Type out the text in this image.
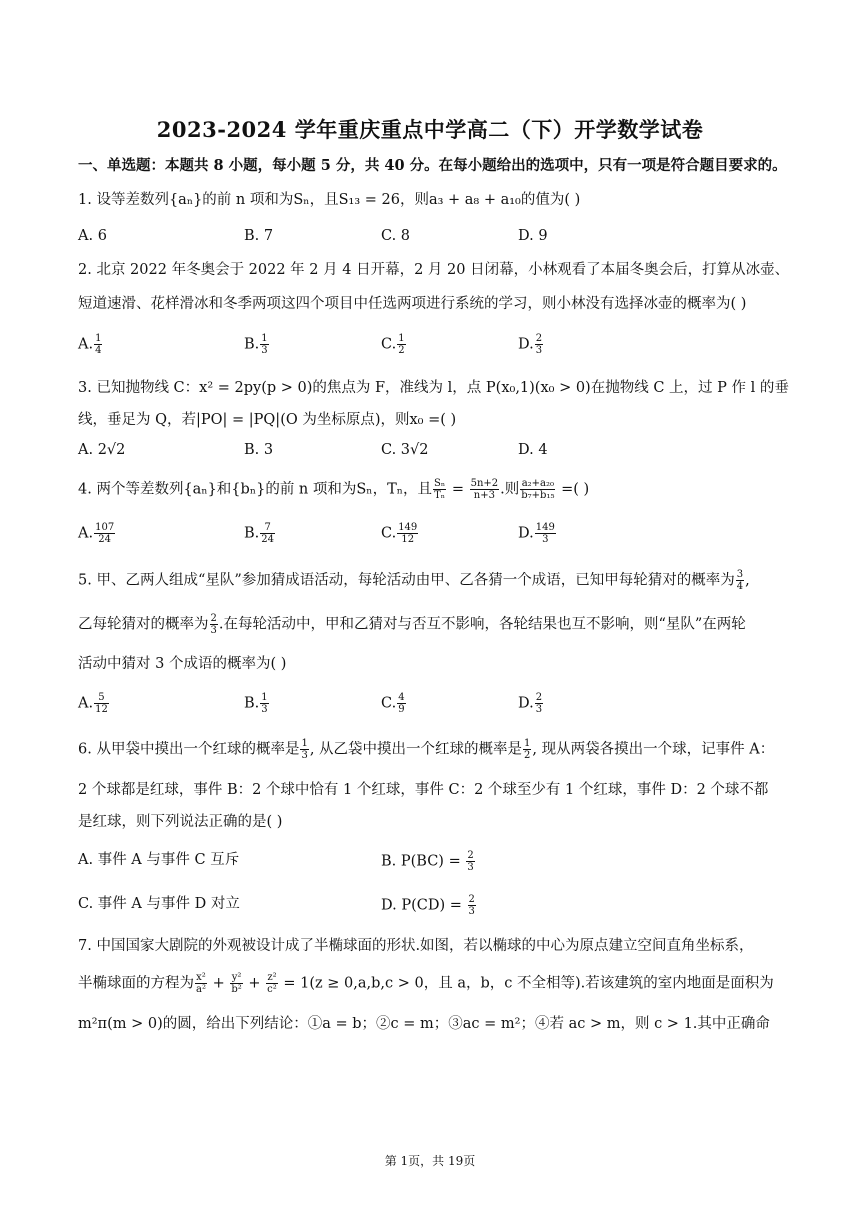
2023-2024 学年重庆重点中学高二（下）开学数学试卷
一、单选题：本题共 8 小题，每小题 5 分，共 40 分。在每小题给出的选项中，只有一项是符合题目要求的。
1. 设等差数列{aₙ}的前 n 项和为Sₙ，且S₁₃ = 26，则a₃ + a₈ + a₁₀的值为( )
A. 6	B. 7	C. 8	D. 9
2. 北京 2022 年冬奥会于 2022 年 2 月 4 日开幕，2 月 20 日闭幕，小林观看了本届冬奥会后，打算从冰壶、
短道速滑、花样滑冰和冬季两项这四个项目中任选两项进行系统的学习，则小林没有选择冰壶的概率为( )
A. $\frac{1}{4}$	B. $\frac{1}{3}$	C. $\frac{1}{2}$	D. $\frac{2}{3}$
3. 已知抛物线 C：x² = 2py(p > 0)的焦点为 F，准线为 l，点 P(x₀,1)(x₀ > 0)在抛物线 C 上，过 P 作 l 的垂
线，垂足为 Q，若|PO| = |PQ|(O 为坐标原点)，则x₀ =( )
A. 2√2	B. 3	C. 3√2	D. 4
4. 两个等差数列{aₙ}和{bₙ}的前 n 项和为Sₙ，Tₙ，且 $\frac{\text{Sₙ}}{\text{Tₙ}} = \frac{5n+2}{n+3}$ .则 $\frac{\text{a₂+a₂₀}}{\text{b₇+b₁₅}}$ =( )
A. $\frac{107}{24}$	B. $\frac{7}{24}$	C. $\frac{149}{12}$	D. $\frac{149}{3}$
5. 甲、乙两人组成“星队”参加猜成语活动，每轮活动由甲、乙各猜一个成语，已知甲每轮猜对的概率为 $\frac{3}{4}$ ,
乙每轮猜对的概率为 $\frac{2}{3}$ .在每轮活动中，甲和乙猜对与否互不影响，各轮结果也互不影响，则“星队”在两轮
活动中猜对 3 个成语的概率为( )
A. $\frac{5}{12}$	B. $\frac{1}{3}$	C. $\frac{4}{9}$	D. $\frac{2}{3}$
6. 从甲袋中摸出一个红球的概率是 $\frac{1}{3}$ , 从乙袋中摸出一个红球的概率是 $\frac{1}{2}$ , 现从两袋各摸出一个球，记事件 A：
2 个球都是红球，事件 B：2 个球中恰有 1 个红球，事件 C：2 个球至少有 1 个红球，事件 D：2 个球不都
是红球，则下列说法正确的是( )
A. 事件 A 与事件 C 互斥	B. $P(BC) = \frac{2}{3}$
C. 事件 A 与事件 D 对立	D. $P(CD) = \frac{2}{3}$
7. 中国国家大剧院的外观被设计成了半椭球面的形状.如图，若以椭球的中心为原点建立空间直角坐标系，
半椭球面的方程为 $\frac{\text{x²}}{\text{a²}} + \frac{\text{y²}}{\text{b²}} + \frac{\text{z²}}{\text{c²}} = 1(z \ge 0,a,b,c > 0$，且 a，b，c 不全相等).若该建筑的室内地面是面积为
m²π(m > 0)的圆，给出下列结论：①a = b；②c = m；③ac = m²；④若 ac > m，则 c > 1.其中正确命
第 1页，共 19页
